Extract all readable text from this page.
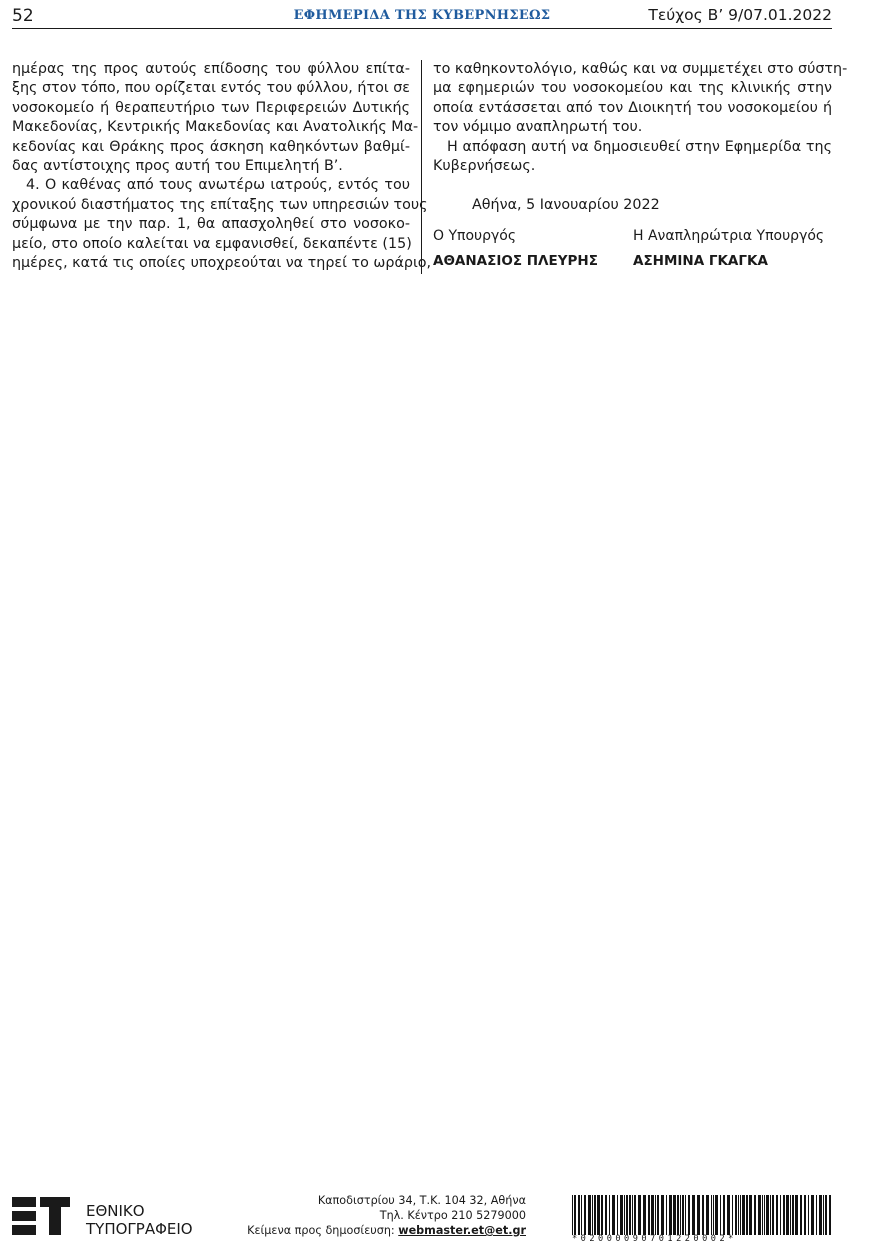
52	ΕΦΗΜΕΡΙΔΑ ΤΗΣ ΚΥΒΕΡΝΗΣΕΩΣ	Τεύχος Β’ 9/07.01.2022
ημέρας της προς αυτούς επίδοσης του φύλλου επίτα-
ξης στον τόπο, που ορίζεται εντός του φύλλου, ήτοι σε
νοσοκομείο ή θεραπευτήριο των Περιφερειών Δυτικής
Μακεδονίας, Κεντρικής Μακεδονίας και Ανατολικής Μα-
κεδονίας και Θράκης προς άσκηση καθηκόντων βαθμί-
δας αντίστοιχης προς αυτή του Επιμελητή Β’.
4. Ο καθένας από τους ανωτέρω ιατρούς, εντός του
χρονικού διαστήματος της επίταξης των υπηρεσιών τους
σύμφωνα με την παρ. 1, θα απασχοληθεί στο νοσοκο-
μείο, στο οποίο καλείται να εμφανισθεί, δεκαπέντε (15)
ημέρες, κατά τις οποίες υποχρεούται να τηρεί το ωράριο,
το καθηκοντολόγιο, καθώς και να συμμετέχει στο σύστη-
μα εφημεριών του νοσοκομείου και της κλινικής στην
οποία εντάσσεται από τον Διοικητή του νοσοκομείου ή
τον νόμιμο αναπληρωτή του.
Η απόφαση αυτή να δημοσιευθεί στην Εφημερίδα της
Κυβερνήσεως.
Αθήνα, 5 Ιανουαρίου 2022
Ο Υπουργός	Η Αναπληρώτρια Υπουργός
ΑΘΑΝΑΣΙΟΣ ΠΛΕΥΡΗΣ	ΑΣΗΜΙΝΑ ΓΚΑΓΚΑ
ΕΘΝΙΚΟ
ΤΥΠΟΓΡΑΦΕΙΟ
Καποδιστρίου 34, Τ.Κ. 104 32, Αθήνα
Τηλ. Κέντρο 210 5279000
Κείμενα προς δημοσίευση: webmaster.et@et.gr
*02000090701220002*
